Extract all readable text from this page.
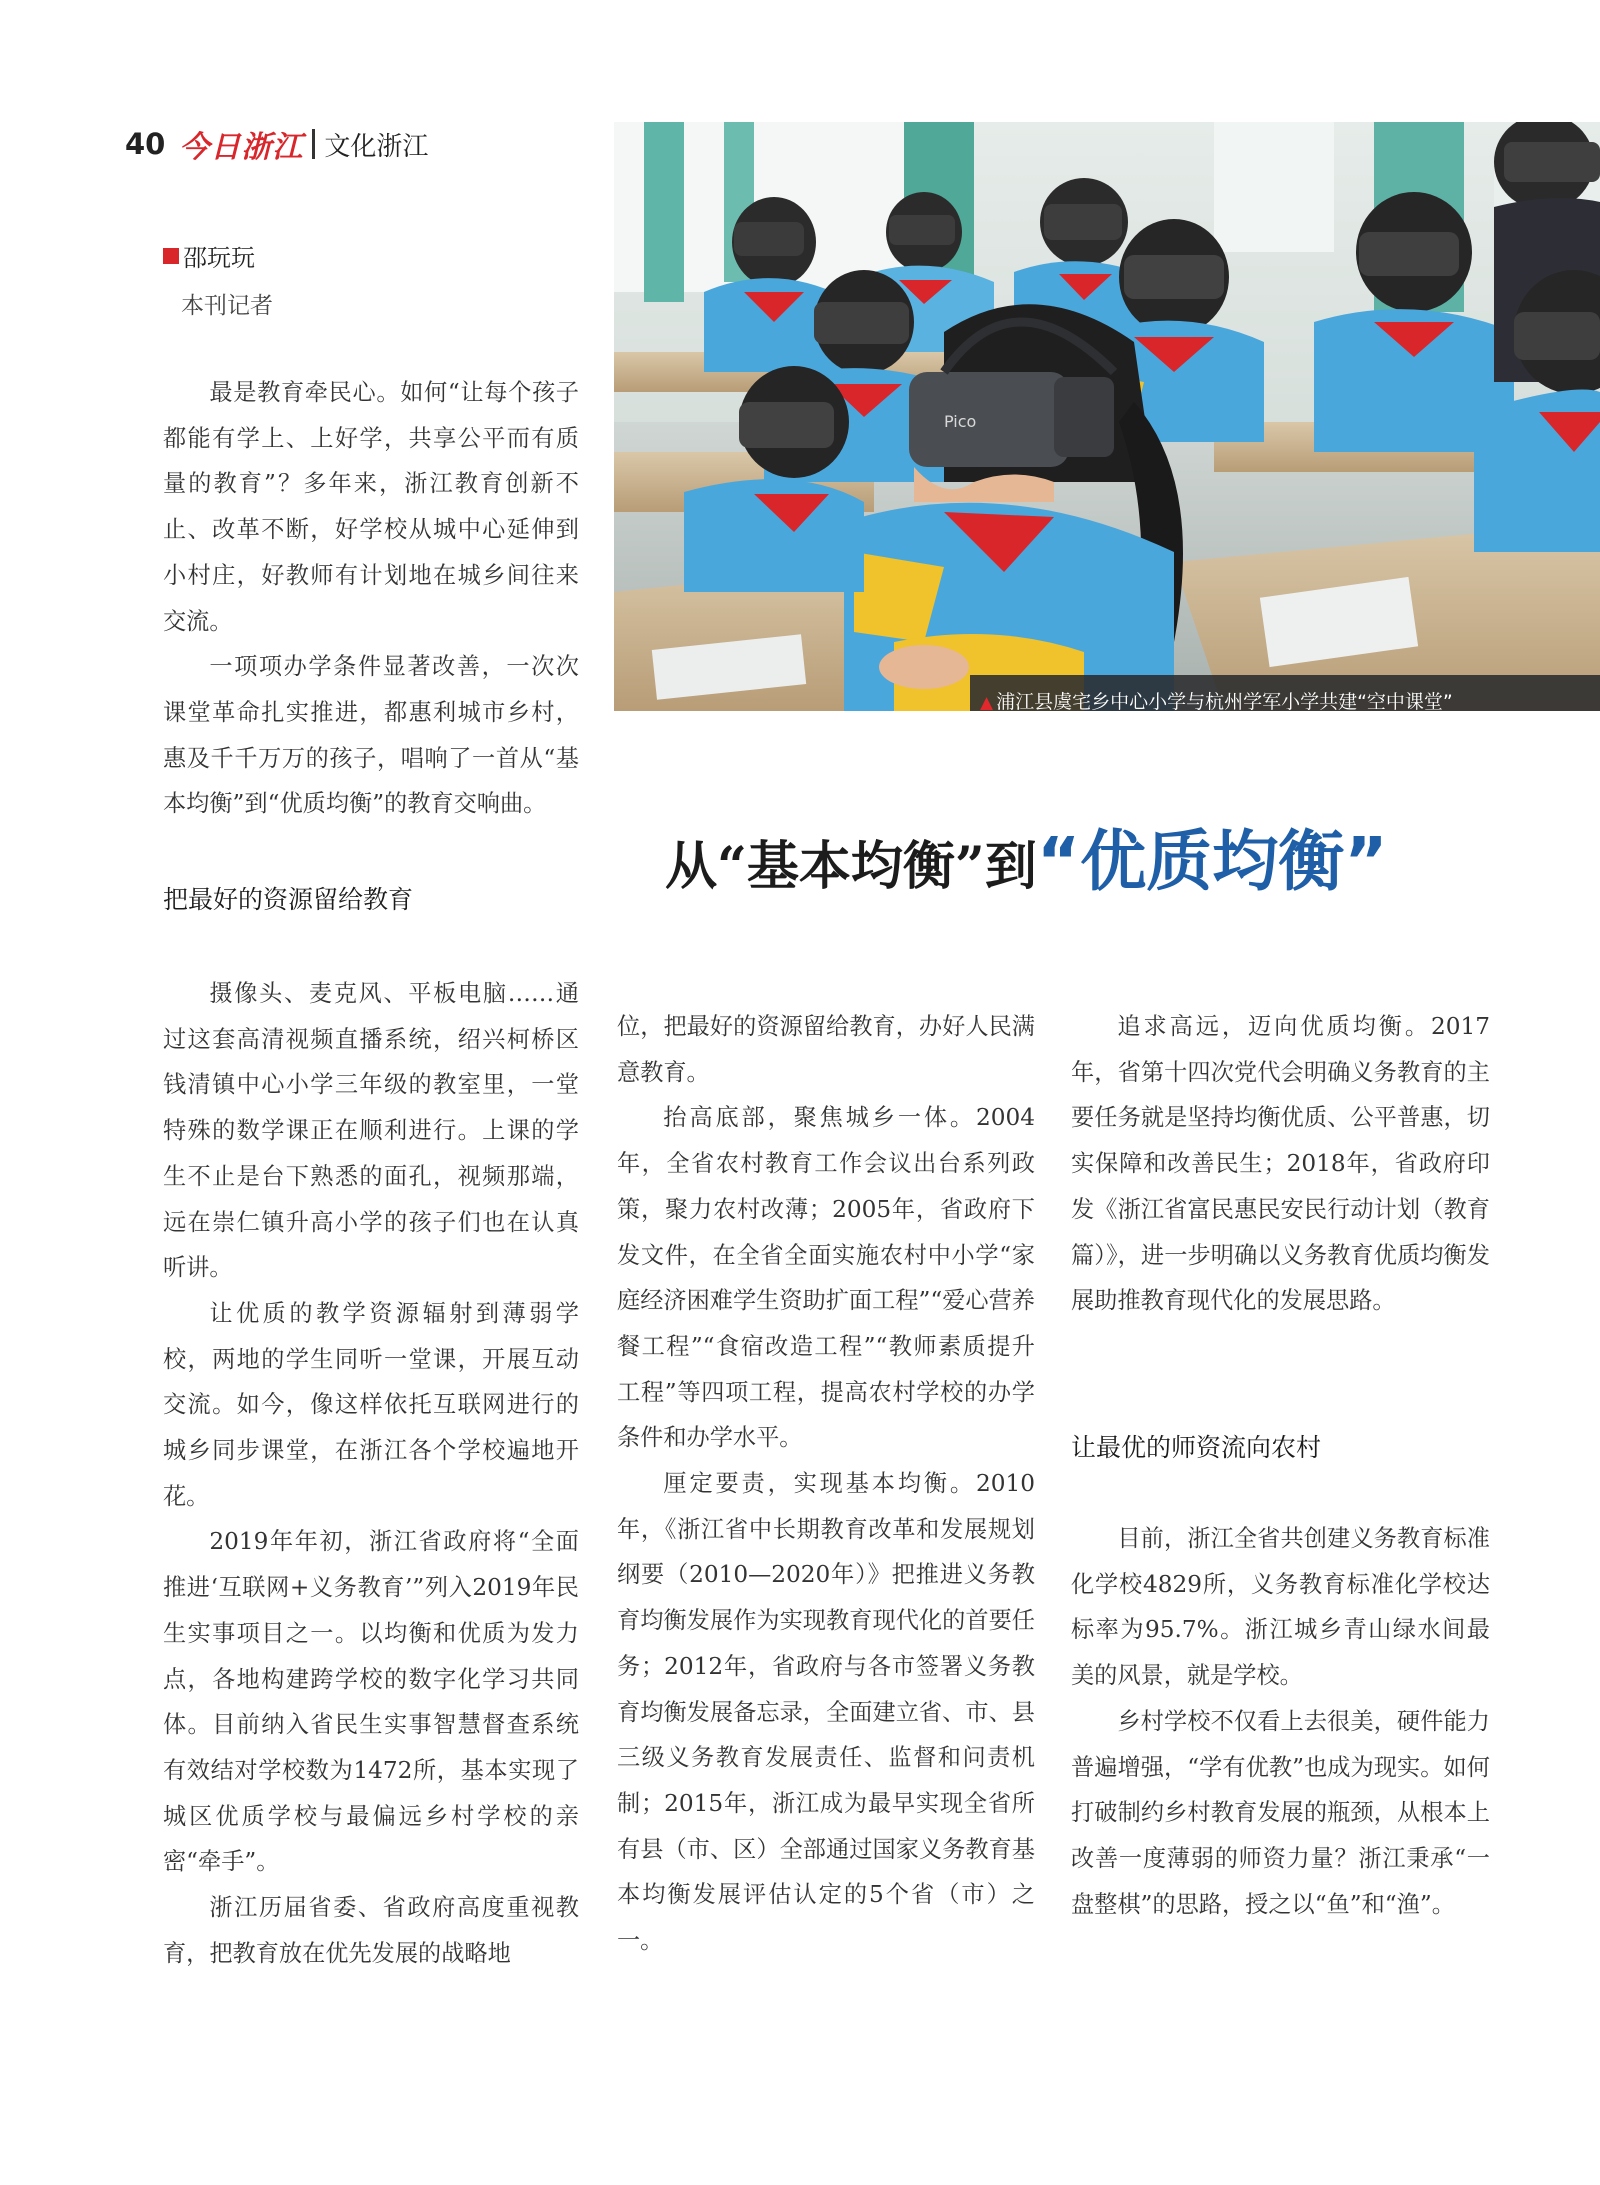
40 今日浙江 文化浙江
邵玩玩
本刊记者
Pico
▲ 浦江县虞宅乡中心小学与杭州学军小学共建“空中课堂”
从“基本均衡”到“优质均衡”

最是教育牵民心。如何“让每个孩子都能有学上、上好学，共享公平而有质量的教育”？多年来，浙江教育创新不止、改革不断，好学校从城中心延伸到小村庄，好教师有计划地在城乡间往来交流。

一项项办学条件显著改善，一次次课堂革命扎实推进，都惠利城市乡村，惠及千千万万的孩子，唱响了一首从“基本均衡”到“优质均衡”的教育交响曲。

把最好的资源留给教育

摄像头、麦克风、平板电脑……通过这套高清视频直播系统，绍兴柯桥区钱清镇中心小学三年级的教室里，一堂特殊的数学课正在顺利进行。上课的学生不止是台下熟悉的面孔，视频那端，远在崇仁镇升高小学的孩子们也在认真听讲。

让优质的教学资源辐射到薄弱学校，两地的学生同听一堂课，开展互动交流。如今，像这样依托互联网进行的城乡同步课堂，在浙江各个学校遍地开花。

2019年年初，浙江省政府将“全面推进‘互联网+义务教育’”列入2019年民生实事项目之一。以均衡和优质为发力点，各地构建跨学校的数字化学习共同体。目前纳入省民生实事智慧督查系统有效结对学校数为1472所，基本实现了城区优质学校与最偏远乡村学校的亲密“牵手”。

浙江历届省委、省政府高度重视教育，把教育放在优先发展的战略地

位，把最好的资源留给教育，办好人民满意教育。

抬高底部，聚焦城乡一体。2004年，全省农村教育工作会议出台系列政策，聚力农村改薄；2005年，省政府下发文件，在全省全面实施农村中小学“家庭经济困难学生资助扩面工程”“爱心营养餐工程”“食宿改造工程”“教师素质提升工程”等四项工程，提高农村学校的办学条件和办学水平。

厘定要责，实现基本均衡。2010年，《浙江省中长期教育改革和发展规划纲要（2010—2020年）》把推进义务教育均衡发展作为实现教育现代化的首要任务；2012年，省政府与各市签署义务教育均衡发展备忘录，全面建立省、市、县三级义务教育发展责任、监督和问责机制；2015年，浙江成为最早实现全省所有县（市、区）全部通过国家义务教育基本均衡发展评估认定的5个省（市）之一。

追求高远，迈向优质均衡。2017年，省第十四次党代会明确义务教育的主要任务就是坚持均衡优质、公平普惠，切实保障和改善民生；2018年，省政府印发《浙江省富民惠民安民行动计划（教育篇）》，进一步明确以义务教育优质均衡发展助推教育现代化的发展思路。

让最优的师资流向农村

目前，浙江全省共创建义务教育标准化学校4829所，义务教育标准化学校达标率为95.7%。浙江城乡青山绿水间最美的风景，就是学校。

乡村学校不仅看上去很美，硬件能力普遍增强，“学有优教”也成为现实。如何打破制约乡村教育发展的瓶颈，从根本上改善一度薄弱的师资力量？浙江秉承“一盘整棋”的思路，授之以“鱼”和“渔”。
